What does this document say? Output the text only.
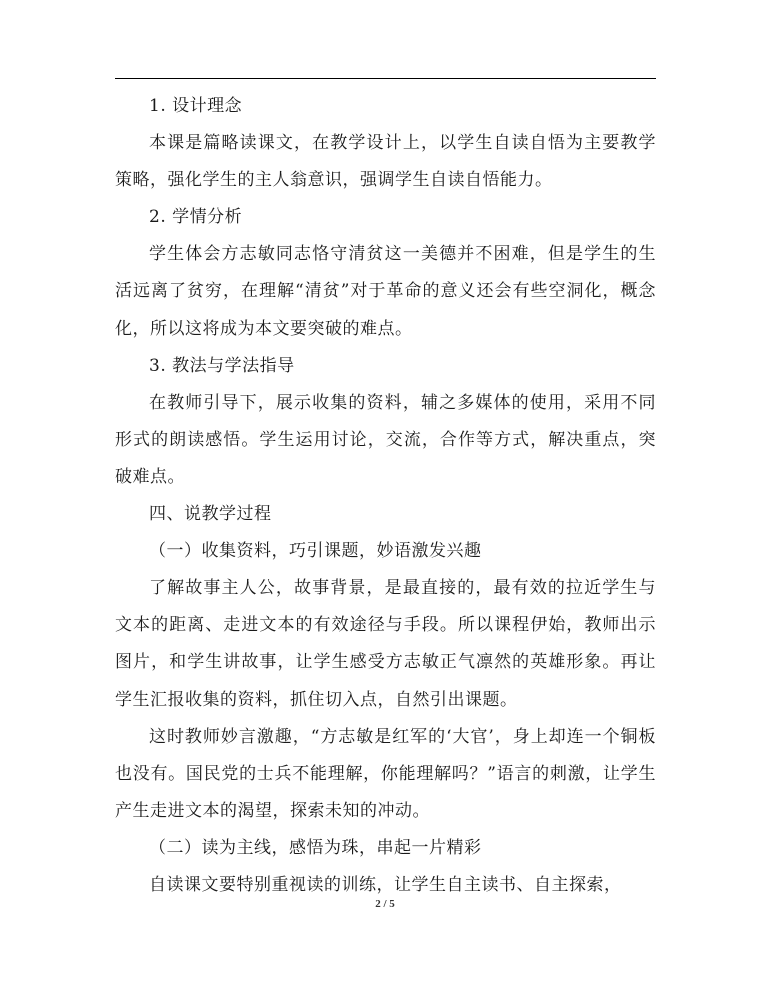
1. 设计理念

本课是篇略读课文，在教学设计上，以学生自读自悟为主要教学策略，强化学生的主人翁意识，强调学生自读自悟能力。

2. 学情分析

学生体会方志敏同志恪守清贫这一美德并不困难，但是学生的生活远离了贫穷，在理解“清贫”对于革命的意义还会有些空洞化，概念化，所以这将成为本文要突破的难点。

3. 教法与学法指导

在教师引导下，展示收集的资料，辅之多媒体的使用，采用不同形式的朗读感悟。学生运用讨论，交流，合作等方式，解决重点，突破难点。

四、说教学过程

（一）收集资料，巧引课题，妙语激发兴趣

了解故事主人公，故事背景，是最直接的，最有效的拉近学生与文本的距离、走进文本的有效途径与手段。所以课程伊始，教师出示图片，和学生讲故事，让学生感受方志敏正气凛然的英雄形象。再让学生汇报收集的资料，抓住切入点，自然引出课题。

这时教师妙言激趣，“方志敏是红军的‘大官’，身上却连一个铜板也没有。国民党的士兵不能理解，你能理解吗？”语言的刺激，让学生产生走进文本的渴望，探索未知的冲动。

（二）读为主线，感悟为珠，串起一片精彩

自读课文要特别重视读的训练，让学生自主读书、自主探索，

2 / 5
